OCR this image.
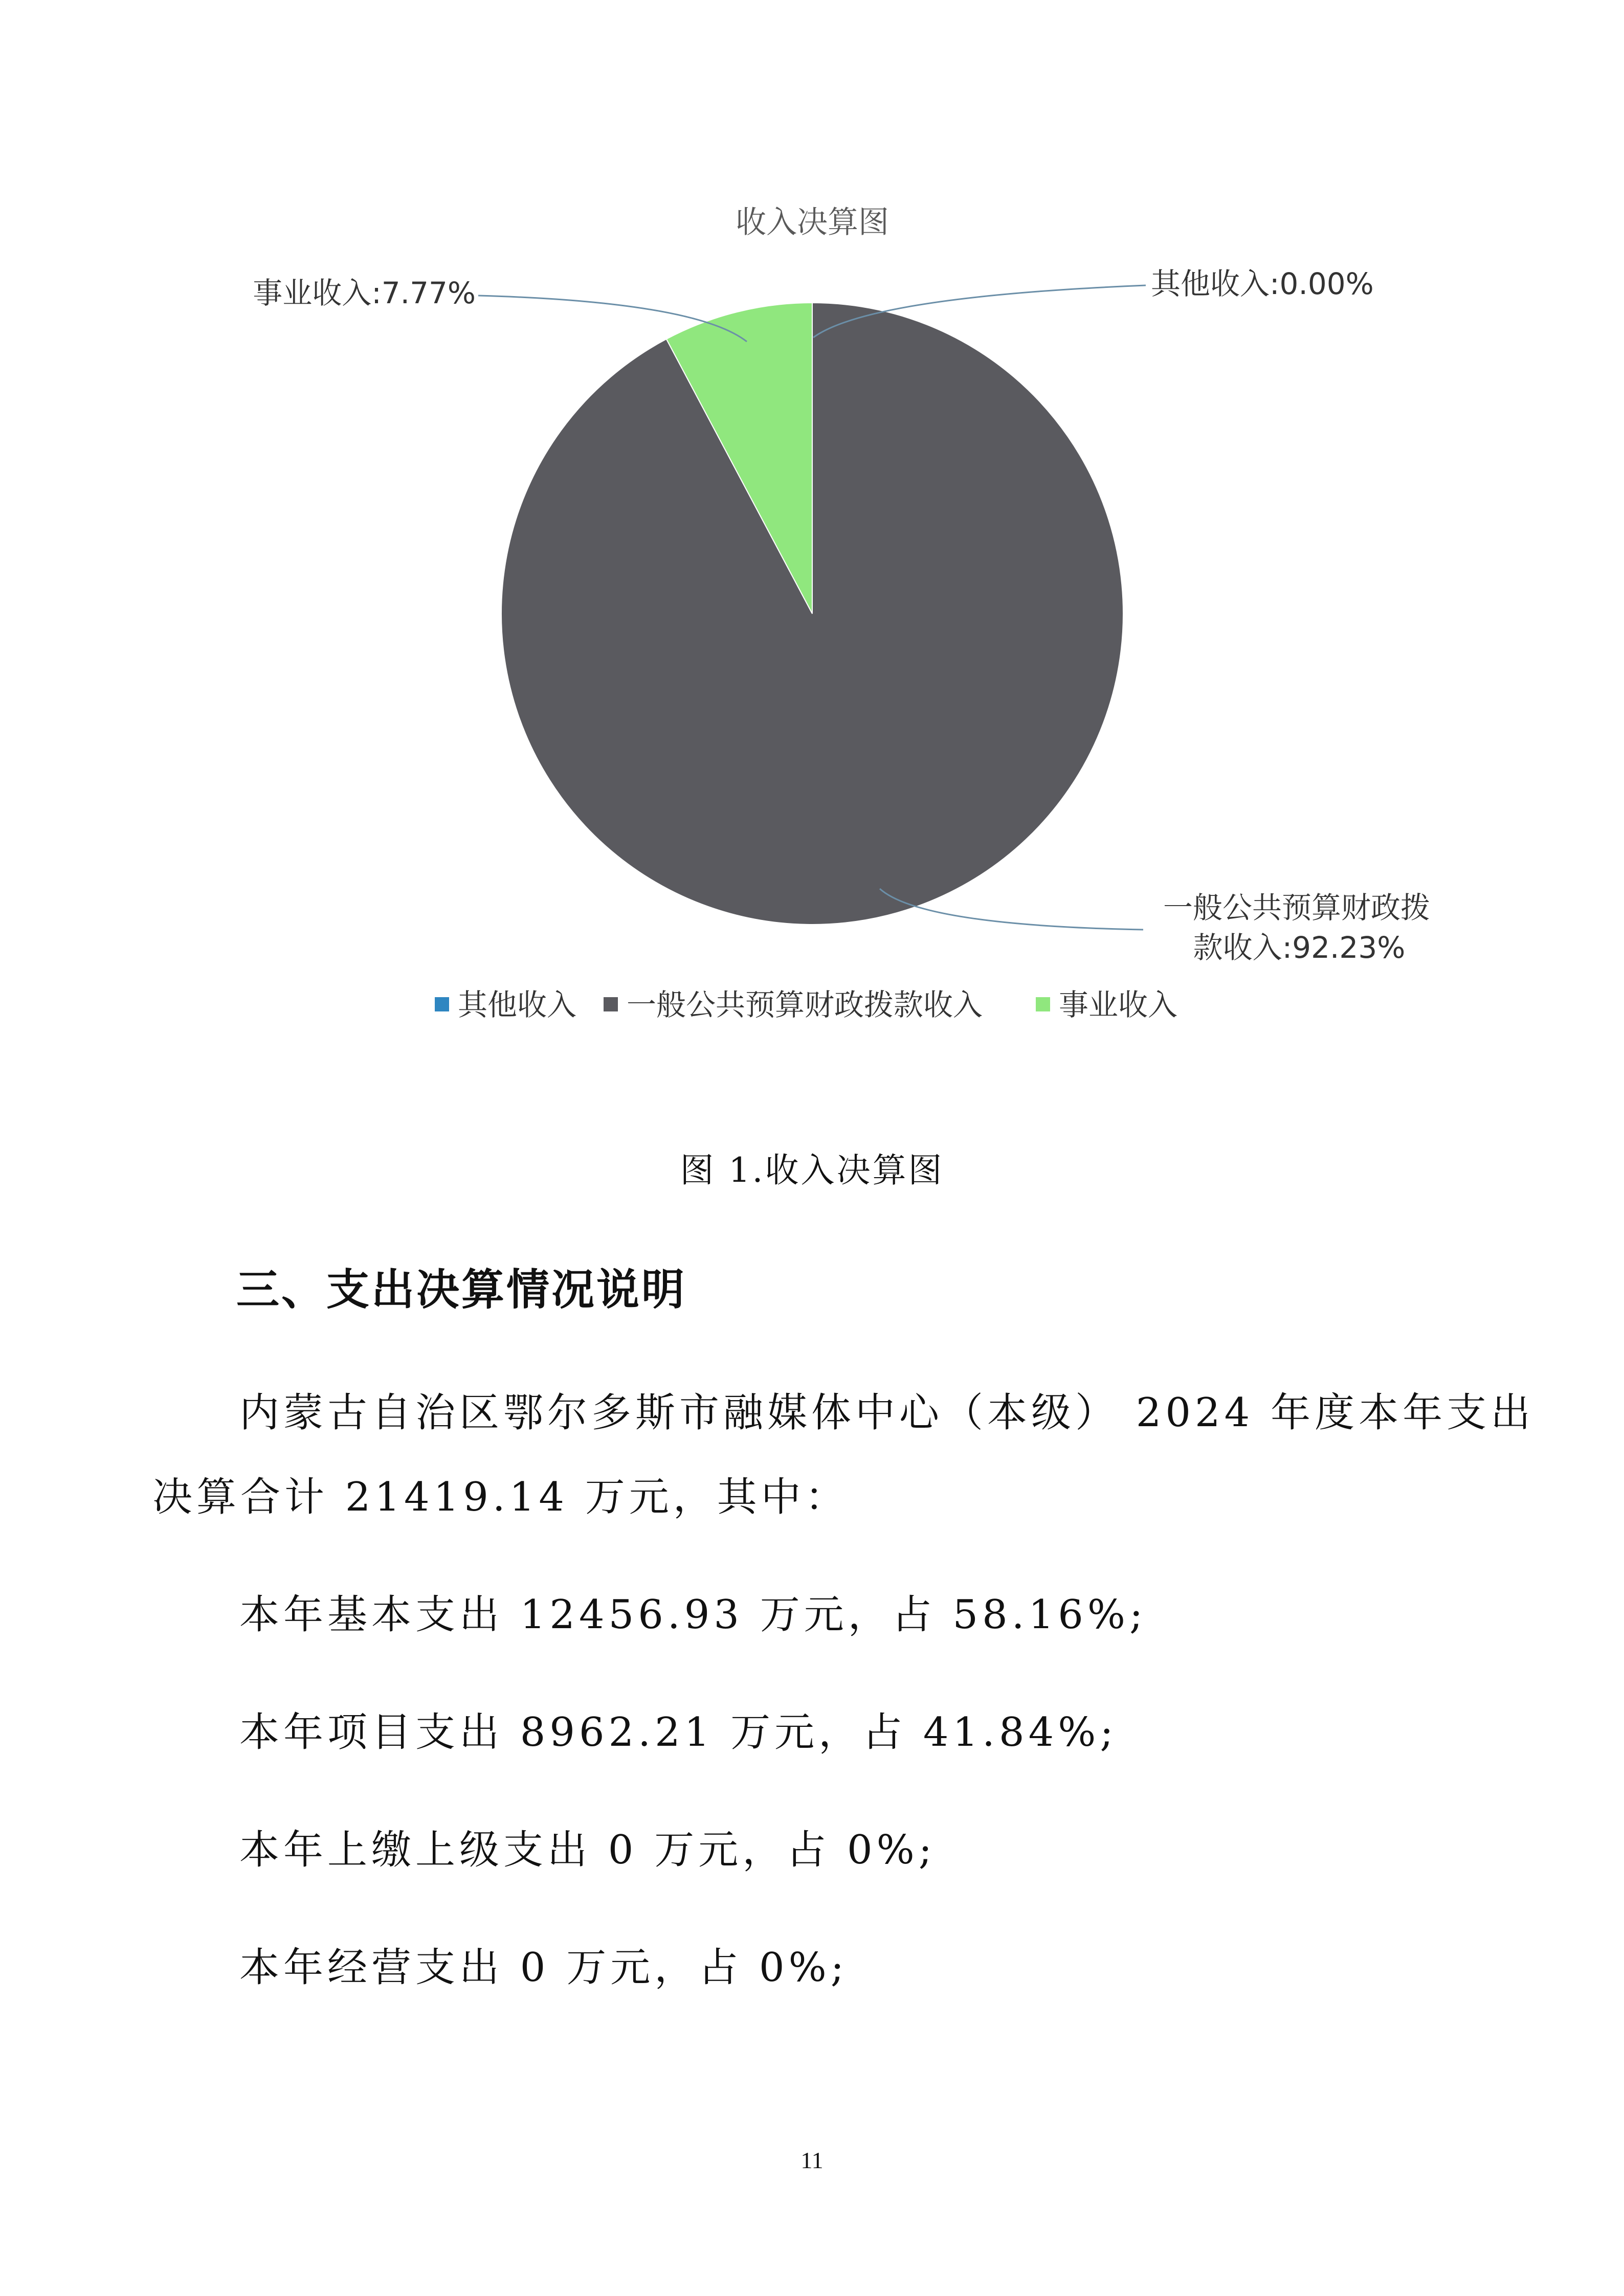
收入决算图
其他收入:0.00%
事业收入:7.77%
一般公共预算财政拨
款收入:92.23%
其他收入 一般公共预算财政拨款收入	事业收入
图 1.收入决算图
三、支出决算情况说明
内蒙古自治区鄂尔多斯市融媒体中心（本级） 2024 年度本年支出
决算合计 21419.14 万元，其中：
本年基本支出 12456.93 万元，占 58.16%;
本年项目支出 8962.21 万元，占 41.84%;
本年上缴上级支出 0 万元，占 0%;
本年经营支出 0 万元，占 0%;
11
